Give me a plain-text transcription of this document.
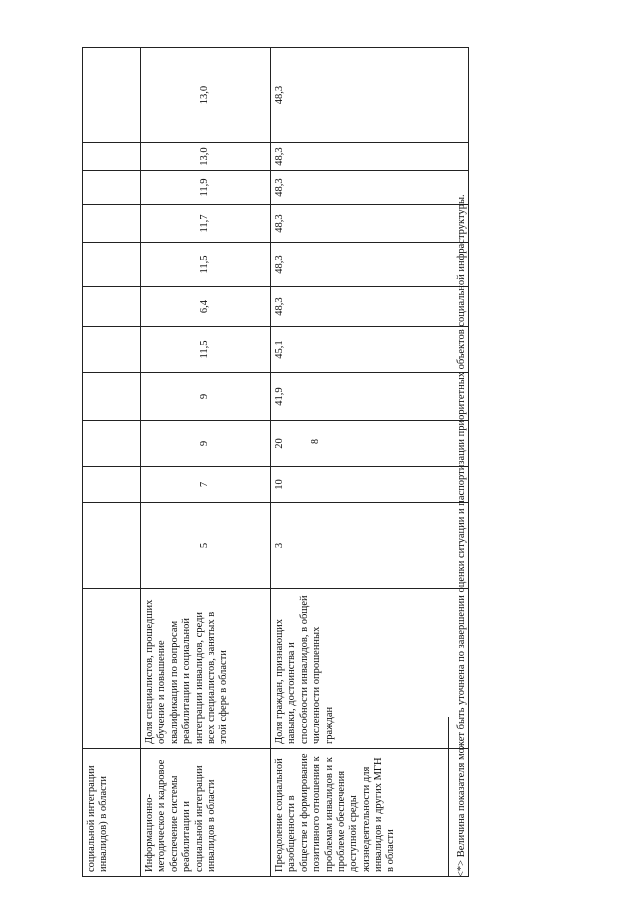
8
социальной интеграции инвалидов) в области												
Информационно-методическое и кадровое обеспечение системы реабилитации и социальной интеграции инвалидов в области	Доля специалистов, прошедших обучение и повышение квалификации по вопросам реабилитации и социальной интеграции инвалидов, среди всех специалистов, занятых в этой сфере в области	5	7	9	9	11,5	6,4	11,5	11,7	11,9	13,0	13,0
Преодоление социальной разобщенности в обществе и формирование позитивного отношения к проблемам инвалидов и к проблеме обеспечения доступной среды жизнедеятельности для инвалидов и других МГН в области	Доля граждан, признающих навыки, достоинства и способности инвалидов, в общей численности опрошенных граждан	3	10	20	41,9	45,1	48,3	48,3	48,3	48,3	48,3	48,3

<*> Величина показателя может быть уточнена по завершении оценки ситуации и паспортизации приоритетных объектов социальной инфраструктуры.
